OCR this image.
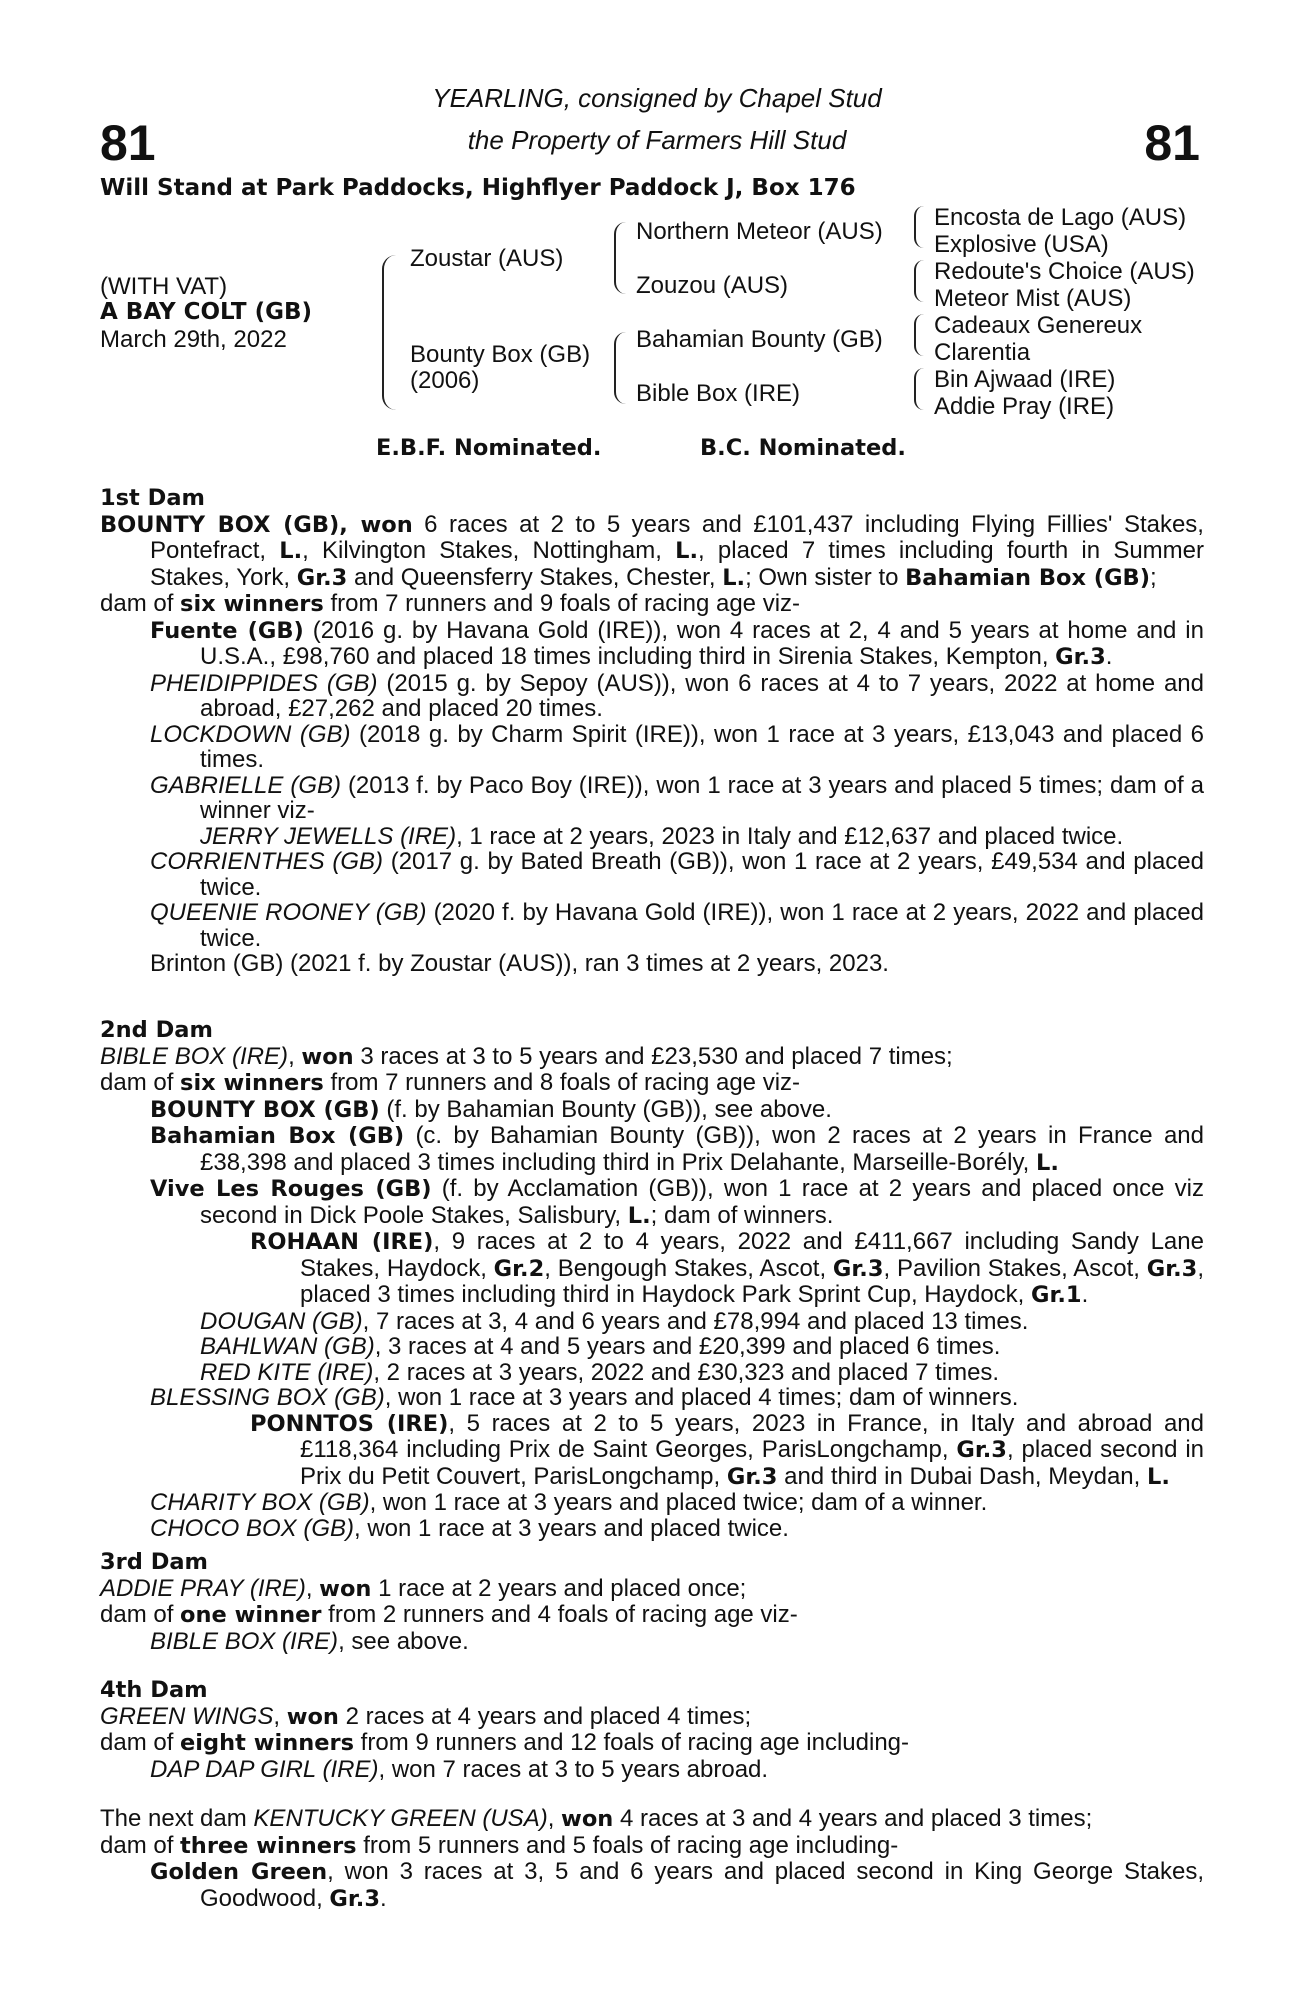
81	81
YEARLING, consigned by Chapel Stud
the Property of Farmers Hill Stud
Will Stand at Park Paddocks, Highflyer Paddock J, Box 176
(WITH VAT)
A BAY COLT (GB)
March 29th, 2022
Zoustar (AUS)
Bounty Box (GB)
(2006)
Northern Meteor (AUS)
Zouzou (AUS)
Bahamian Bounty (GB)
Bible Box (IRE)
Encosta de Lago (AUS)
Explosive (USA)
Redoute's Choice (AUS)
Meteor Mist (AUS)
Cadeaux Genereux
Clarentia
Bin Ajwaad (IRE)
Addie Pray (IRE)
E.B.F. Nominated.	B.C. Nominated.

1st Dam

BOUNTY BOX (GB), won 6 races at 2 to 5 years and £101,437 including Flying Fillies' Stakes, Pontefract, L., Kilvington Stakes, Nottingham, L., placed 7 times including fourth in Summer Stakes, York, Gr.3 and Queensferry Stakes, Chester, L.; Own sister to Bahamian Box (GB);

dam of six winners from 7 runners and 9 foals of racing age viz-

Fuente (GB) (2016 g. by Havana Gold (IRE)), won 4 races at 2, 4 and 5 years at home and in U.S.A., £98,760 and placed 18 times including third in Sirenia Stakes, Kempton, Gr.3.

PHEIDIPPIDES (GB) (2015 g. by Sepoy (AUS)), won 6 races at 4 to 7 years, 2022 at home and abroad, £27,262 and placed 20 times.

LOCKDOWN (GB) (2018 g. by Charm Spirit (IRE)), won 1 race at 3 years, £13,043 and placed 6 times.

GABRIELLE (GB) (2013 f. by Paco Boy (IRE)), won 1 race at 3 years and placed 5 times; dam of a winner viz-

JERRY JEWELLS (IRE), 1 race at 2 years, 2023 in Italy and £12,637 and placed twice.

CORRIENTHES (GB) (2017 g. by Bated Breath (GB)), won 1 race at 2 years, £49,534 and placed twice.

QUEENIE ROONEY (GB) (2020 f. by Havana Gold (IRE)), won 1 race at 2 years, 2022 and placed twice.

Brinton (GB) (2021 f. by Zoustar (AUS)), ran 3 times at 2 years, 2023.

2nd Dam

BIBLE BOX (IRE), won 3 races at 3 to 5 years and £23,530 and placed 7 times;

dam of six winners from 7 runners and 8 foals of racing age viz-

BOUNTY BOX (GB) (f. by Bahamian Bounty (GB)), see above.

Bahamian Box (GB) (c. by Bahamian Bounty (GB)), won 2 races at 2 years in France and £38,398 and placed 3 times including third in Prix Delahante, Marseille-Borély, L.

Vive Les Rouges (GB) (f. by Acclamation (GB)), won 1 race at 2 years and placed once viz second in Dick Poole Stakes, Salisbury, L.; dam of winners.

ROHAAN (IRE), 9 races at 2 to 4 years, 2022 and £411,667 including Sandy Lane Stakes, Haydock, Gr.2, Bengough Stakes, Ascot, Gr.3, Pavilion Stakes, Ascot, Gr.3, placed 3 times including third in Haydock Park Sprint Cup, Haydock, Gr.1.

DOUGAN (GB), 7 races at 3, 4 and 6 years and £78,994 and placed 13 times.

BAHLWAN (GB), 3 races at 4 and 5 years and £20,399 and placed 6 times.

RED KITE (IRE), 2 races at 3 years, 2022 and £30,323 and placed 7 times.

BLESSING BOX (GB), won 1 race at 3 years and placed 4 times; dam of winners.

PONNTOS (IRE), 5 races at 2 to 5 years, 2023 in France, in Italy and abroad and £118,364 including Prix de Saint Georges, ParisLongchamp, Gr.3, placed second in Prix du Petit Couvert, ParisLongchamp, Gr.3 and third in Dubai Dash, Meydan, L.

CHARITY BOX (GB), won 1 race at 3 years and placed twice; dam of a winner.

CHOCO BOX (GB), won 1 race at 3 years and placed twice.

3rd Dam

ADDIE PRAY (IRE), won 1 race at 2 years and placed once;

dam of one winner from 2 runners and 4 foals of racing age viz-

BIBLE BOX (IRE), see above.

4th Dam

GREEN WINGS, won 2 races at 4 years and placed 4 times;

dam of eight winners from 9 runners and 12 foals of racing age including-

DAP DAP GIRL (IRE), won 7 races at 3 to 5 years abroad.

The next dam KENTUCKY GREEN (USA), won 4 races at 3 and 4 years and placed 3 times;

dam of three winners from 5 runners and 5 foals of racing age including-

Golden Green, won 3 races at 3, 5 and 6 years and placed second in King George Stakes, Goodwood, Gr.3.
